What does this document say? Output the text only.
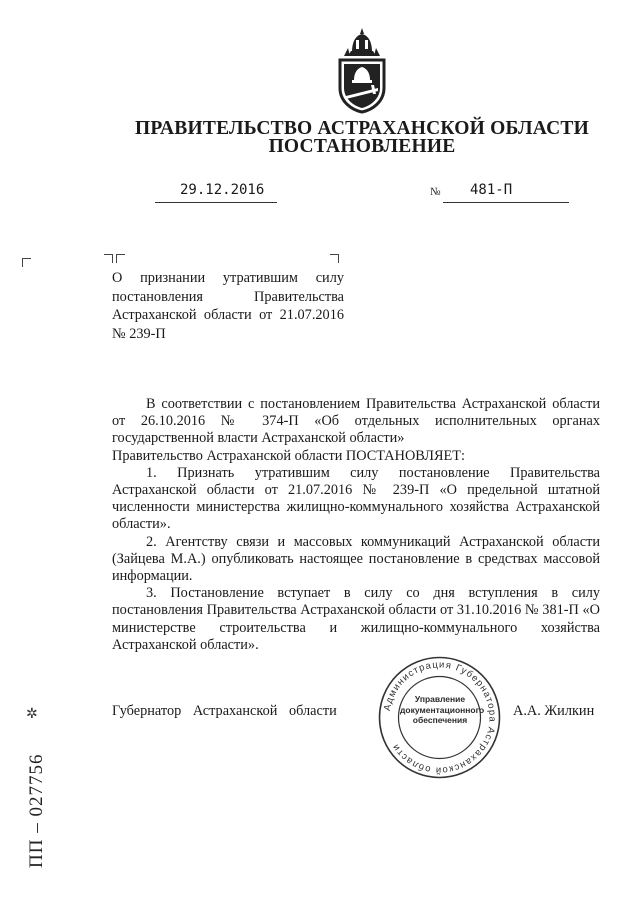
ПРАВИТЕЛЬСТВО АСТРАХАНСКОЙ ОБЛАСТИ
ПОСТАНОВЛЕНИЕ
29.12.2016	№ 481-П
О признании утратившим силу постановления Правительства Астраханской области от 21.07.2016 № 239-П

В соответствии с постановлением Правительства Астраханской области от 26.10.2016 № 374-П «Об отдельных исполнительных органах государственной власти Астраханской области»

Правительство Астраханской области ПОСТАНОВЛЯЕТ:

1. Признать утратившим силу постановление Правительства Астраханской области от 21.07.2016 № 239-П «О предельной штатной численности министерства жилищно-коммунального хозяйства Астраханской области».

2. Агентству связи и массовых коммуникаций Астраханской области (Зайцева М.А.) опубликовать настоящее постановление в средствах массовой информации.

3. Постановление вступает в силу со дня вступления в силу постановления Правительства Астраханской области от 31.10.2016 № 381-П «О министерстве строительства и жилищно-коммунального хозяйства Астраханской области».

Губернатор Астраханской области	Администрация Губернатора Астраханской области
Управление документационного обеспечения
А.А. Жилкин
✲
ПП – 027756
